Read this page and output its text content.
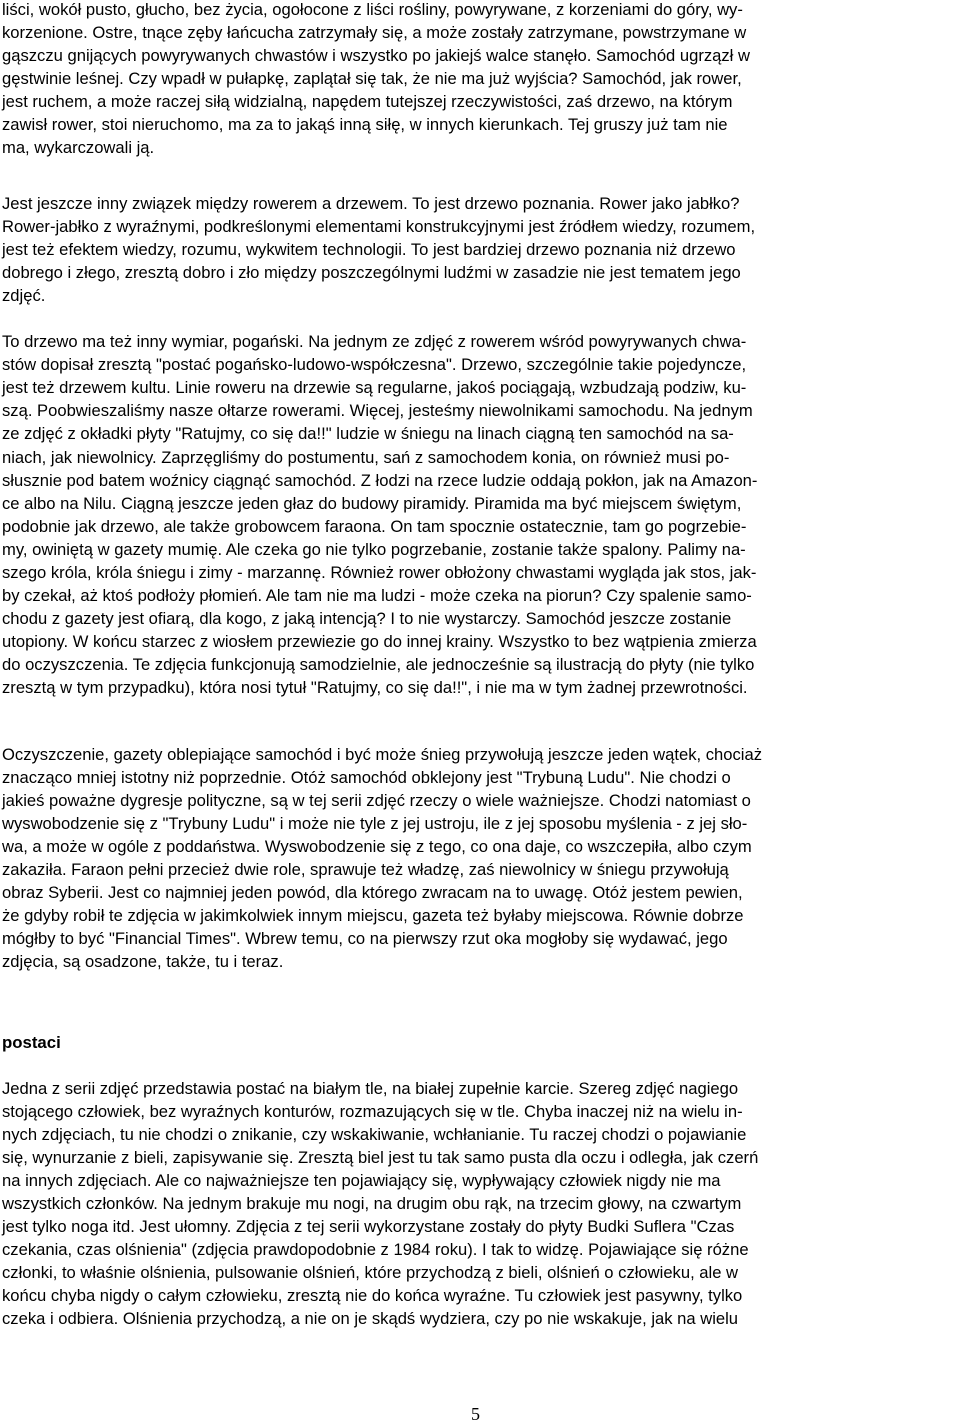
liści, wokół pusto, głucho, bez życia, ogołocone z liści rośliny, powyrywane, z korzeniami do góry, wy-
korzenione. Ostre, tnące zęby łańcucha zatrzymały się, a może zostały zatrzymane, powstrzymane w
gąszczu gnijących powyrywanych chwastów i wszystko po jakiejś walce stanęło. Samochód ugrzązł w
gęstwinie leśnej. Czy wpadł w pułapkę, zaplątał się tak, że nie ma już wyjścia? Samochód, jak rower,
jest ruchem, a może raczej siłą widzialną, napędem tutejszej rzeczywistości, zaś drzewo, na którym
zawisł rower, stoi nieruchomo, ma za to jakąś inną siłę, w innych kierunkach. Tej gruszy już tam nie
ma, wykarczowali ją.
Jest jeszcze inny związek między rowerem a drzewem. To jest drzewo poznania. Rower jako jabłko?
Rower-jabłko z wyraźnymi, podkreślonymi elementami konstrukcyjnymi jest źródłem wiedzy, rozumem,
jest też efektem wiedzy, rozumu, wykwitem technologii. To jest bardziej drzewo poznania niż drzewo
dobrego i złego, zresztą dobro i zło między poszczególnymi ludźmi w zasadzie nie jest tematem jego
zdjęć.

To drzewo ma też inny wymiar, pogański. Na jednym ze zdjęć z rowerem wśród powyrywanych chwa-
stów dopisał zresztą "postać pogańsko-ludowo-współczesna". Drzewo, szczególnie takie pojedyncze,
jest też drzewem kultu. Linie roweru na drzewie są regularne, jakoś pociągają, wzbudzają podziw, ku-
szą. Poobwieszaliśmy nasze ołtarze rowerami. Więcej, jesteśmy niewolnikami samochodu. Na jednym
ze zdjęć z okładki płyty "Ratujmy, co się da!!" ludzie w śniegu na linach ciągną ten samochód na sa-
niach, jak niewolnicy. Zaprzęgliśmy do postumentu, sań z samochodem konia, on również musi po-
słusznie pod batem woźnicy ciągnąć samochód. Z łodzi na rzece ludzie oddają pokłon, jak na Amazon-
ce albo na Nilu. Ciągną jeszcze jeden głaz do budowy piramidy. Piramida ma być miejscem świętym,
podobnie jak drzewo, ale także grobowcem faraona. On tam spocznie ostatecznie, tam go pogrzebie-
my, owiniętą w gazety mumię. Ale czeka go nie tylko pogrzebanie, zostanie także spalony. Palimy na-
szego króla, króla śniegu i zimy - marzannę. Również rower obłożony chwastami wygląda jak stos, jak-
by czekał, aż ktoś podłoży płomień. Ale tam nie ma ludzi - może czeka na piorun? Czy spalenie samo-
chodu z gazety jest ofiarą, dla kogo, z jaką intencją? I to nie wystarczy. Samochód jeszcze zostanie
utopiony. W końcu starzec z wiosłem przewiezie go do innej krainy. Wszystko to bez wątpienia zmierza
do oczyszczenia. Te zdjęcia funkcjonują samodzielnie, ale jednocześnie są ilustracją do płyty (nie tylko
zresztą w tym przypadku), która nosi tytuł "Ratujmy, co się da!!", i nie ma w tym żadnej przewrotności.
Oczyszczenie, gazety oblepiające samochód i być może śnieg przywołują jeszcze jeden wątek, chociaż
znacząco mniej istotny niż poprzednie. Otóż samochód obklejony jest "Trybuną Ludu". Nie chodzi o
jakieś poważne dygresje polityczne, są w tej serii zdjęć rzeczy o wiele ważniejsze. Chodzi natomiast o
wyswobodzenie się z "Trybuny Ludu" i może nie tyle z jej ustroju, ile z jej sposobu myślenia - z jej sło-
wa, a może w ogóle z poddaństwa. Wyswobodzenie się z tego, co ona daje, co wszczepiła, albo czym
zakaziła. Faraon pełni przecież dwie role, sprawuje też władzę, zaś niewolnicy w śniegu przywołują
obraz Syberii. Jest co najmniej jeden powód, dla którego zwracam na to uwagę. Otóż jestem pewien,
że gdyby robił te zdjęcia w jakimkolwiek innym miejscu, gazeta też byłaby miejscowa. Równie dobrze
mógłby to być "Financial Times". Wbrew temu, co na pierwszy rzut oka mogłoby się wydawać, jego
zdjęcia, są osadzone, także, tu i teraz.
postaci
Jedna z serii zdjęć przedstawia postać na białym tle, na białej zupełnie karcie. Szereg zdjęć nagiego
stojącego człowiek, bez wyraźnych konturów, rozmazujących się w tle. Chyba inaczej niż na wielu in-
nych zdjęciach, tu nie chodzi o znikanie, czy wskakiwanie, wchłanianie. Tu raczej chodzi o pojawianie
się, wynurzanie z bieli, zapisywanie się. Zresztą biel jest tu tak samo pusta dla oczu i odległa, jak czerń
na innych zdjęciach. Ale co najważniejsze ten pojawiający się, wypływający człowiek nigdy nie ma
wszystkich członków. Na jednym brakuje mu nogi, na drugim obu rąk, na trzecim głowy, na czwartym
jest tylko noga itd. Jest ułomny. Zdjęcia z tej serii wykorzystane zostały do płyty Budki Suflera "Czas
czekania, czas olśnienia" (zdjęcia prawdopodobnie z 1984 roku). I tak to widzę. Pojawiające się różne
członki, to właśnie olśnienia, pulsowanie olśnień, które przychodzą z bieli, olśnień o człowieku, ale w
końcu chyba nigdy o całym człowieku, zresztą nie do końca wyraźne. Tu człowiek jest pasywny, tylko
czeka i odbiera. Olśnienia przychodzą, a nie on je skądś wydziera, czy po nie wskakuje, jak na wielu
5
